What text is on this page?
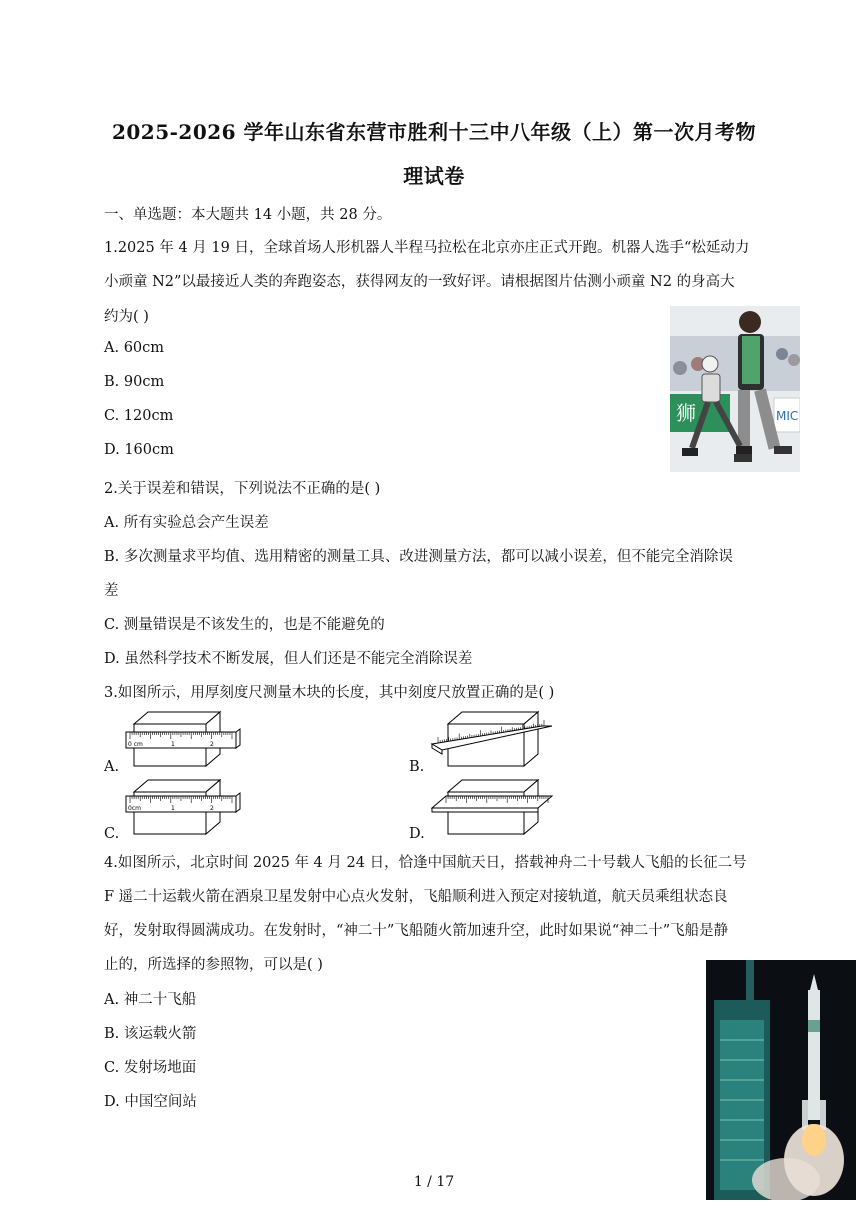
2025-2026 学年山东省东营市胜利十三中八年级（上）第一次月考物
理试卷
一、单选题：本大题共 14 小题，共 28 分。
1.2025 年 4 月 19 日，全球首场人形机器人半程马拉松在北京亦庄正式开跑。机器人选手“松延动力
小顽童 N2”以最接近人类的奔跑姿态，获得网友的一致好评。请根据图片估测小顽童 N2 的身高大
约为( )
A. 60cm
B. 90cm
C. 120cm
D. 160cm
狮	MIC
2.关于误差和错误，下列说法不正确的是( )
A. 所有实验总会产生误差
B. 多次测量求平均值、选用精密的测量工具、改进测量方法，都可以减小误差，但不能完全消除误
差
C. 测量错误是不该发生的，也是不能避免的
D. 虽然科学技术不断发展，但人们还是不能完全消除误差
3.如图所示，用厚刻度尺测量木块的长度，其中刻度尺放置正确的是( )
A.	B.
C.	D.
0 cm	1	2
0cm	1	2
4.如图所示，北京时间 2025 年 4 月 24 日，恰逢中国航天日，搭载神舟二十号载人飞船的长征二号
F 遥二十运载火箭在酒泉卫星发射中心点火发射，飞船顺利进入预定对接轨道，航天员乘组状态良
好，发射取得圆满成功。在发射时，“神二十”飞船随火箭加速升空，此时如果说“神二十”飞船是静
止的，所选择的参照物，可以是( )
A. 神二十飞船
B. 该运载火箭
C. 发射场地面
D. 中国空间站
1 / 17
